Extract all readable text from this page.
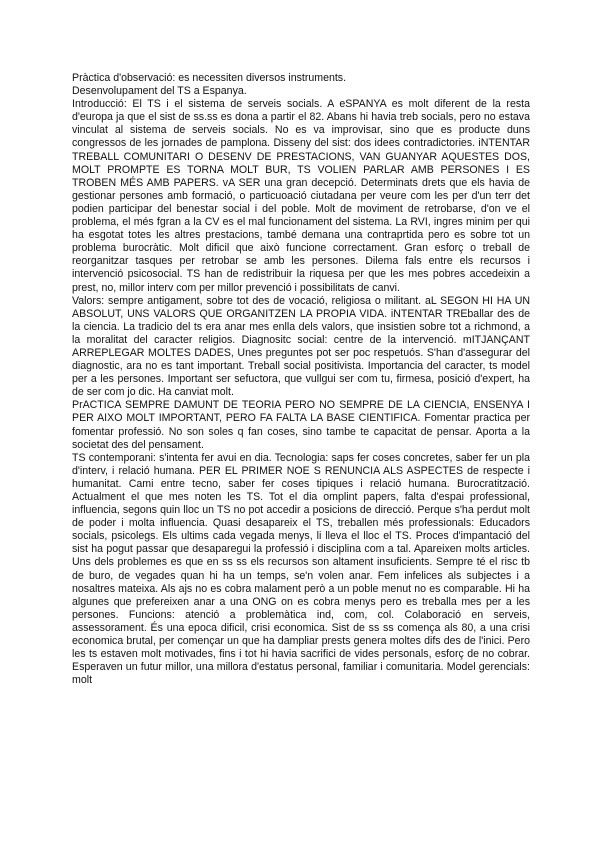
Pràctica d'observació: es necessiten diversos instruments.

Desenvolupament del TS a Espanya.

Introducció: El TS i el sistema de serveis socials. A eSPANYA es molt diferent de la resta d'europa ja que el sist de ss.ss es dona a partir el 82. Abans hi havia treb socials, pero no estava vinculat al sistema de serveis socials. No es va improvisar, sino que es producte duns congressos de les jornades de pamplona. Disseny del sist: dos idees contradictories. iNTENTAR TREBALL COMUNITARI O DESENV DE PRESTACIONS, VAN GUANYAR AQUESTES DOS, MOLT PROMPTE ES TORNA MOLT BUR, TS VOLIEN PARLAR AMB PERSONES I ES TROBEN MÉS AMB PAPERS. vA SER una gran decepció. Determinats drets que els havia de gestionar persones amb formació, o particuoació ciutadana per veure com les per d'un terr det podien participar del benestar social i del poble. Molt de moviment de retrobarse, d'on ve el problema, el més fgran a la CV es el mal funcionament del sistema. La RVI, ingres minim per qui ha esgotat totes les altres prestacions, també demana una contraprtida pero es sobre tot un problema burocràtic. Molt dificil que això funcione correctament. Gran esforç o treball de reorganitzar tasques per retrobar se amb les persones. Dilema fals entre els recursos i intervenció psicosocial. TS han de redistribuir la riquesa per que les mes pobres accedeixin a prest, no, millor interv com per millor prevenció i possibilitats de canvi.

Valors: sempre antigament, sobre tot des de vocació, religiosa o militant. aL SEGON HI HA UN ABSOLUT, UNS VALORS QUE ORGANITZEN LA PROPIA VIDA. iNTENTAR TREballar des de la ciencia. La tradicio del ts era anar mes enlla dels valors, que insistien sobre tot a richmond, a la moralitat del caracter religios. Diagnositc social: centre de la intervenció. mITJANÇANT ARREPLEGAR MOLTES DADES, Unes preguntes pot ser poc respetuós. S'han d'assegurar del diagnostic, ara no es tant important. Treball social positivista. Importancia del caracter, ts model per a les persones. Important ser sefuctora, que vullgui ser com tu, firmesa, posició d'expert, ha de ser com jo dic. Ha canviat molt.

PrACTICA SEMPRE DAMUNT DE TEORIA PERO NO SEMPRE DE LA CIENCIA, ENSENYA I PER AIXO MOLT IMPORTANT, PERO FA FALTA LA BASE CIENTIFICA. Fomentar practica per fomentar professió. No son soles q fan coses, sino tambe te capacitat de pensar. Aporta a la societat des del pensament.

TS contemporani: s'intenta fer avui en dia. Tecnologia: saps fer coses concretes, saber fer un pla d'interv, i relació humana. PER EL PRIMER NOE S RENUNCIA ALS ASPECTES de respecte i humanitat. Cami entre tecno, saber fer coses tipiques i relació humana. Burocratització. Actualment el que mes noten les TS. Tot el dia omplint papers, falta d'espai professional, influencia, segons quin lloc un TS no pot accedir a posicions de direcció. Perque s'ha perdut molt de poder i molta influencia. Quasi desapareix el TS, treballen més professionals: Educadors socials, psicolegs. Els ultims cada vegada menys, li lleva el lloc el TS. Proces d'impantació del sist ha pogut passar que desaparegui la professió i disciplina com a tal. Apareixen molts articles. Uns dels problemes es que en ss ss els recursos son altament insuficients. Sempre té el risc tb de buro, de vegades quan hi ha un temps, se'n volen anar. Fem infelices als subjectes i a nosaltres mateixa. Als ajs no es cobra malament però a un poble menut no es comparable. Hi ha algunes que prefereixen anar a una ONG on es cobra menys pero es treballa mes per a les persones. Funcions: atenció a problemàtica ind, com, col. Colaboració en serveis, assessorament. És una epoca dificil, crisi economica. Sist de ss ss comença als 80, a una crisi economica brutal, per començar un que ha dampliar prests genera moltes difs des de l'inici. Pero les ts estaven molt motivades, fins i tot hi havia sacrifici de vides personals, esforç de no cobrar. Esperaven un futur millor, una millora d'estatus personal, familiar i comunitaria. Model gerencials: molt
